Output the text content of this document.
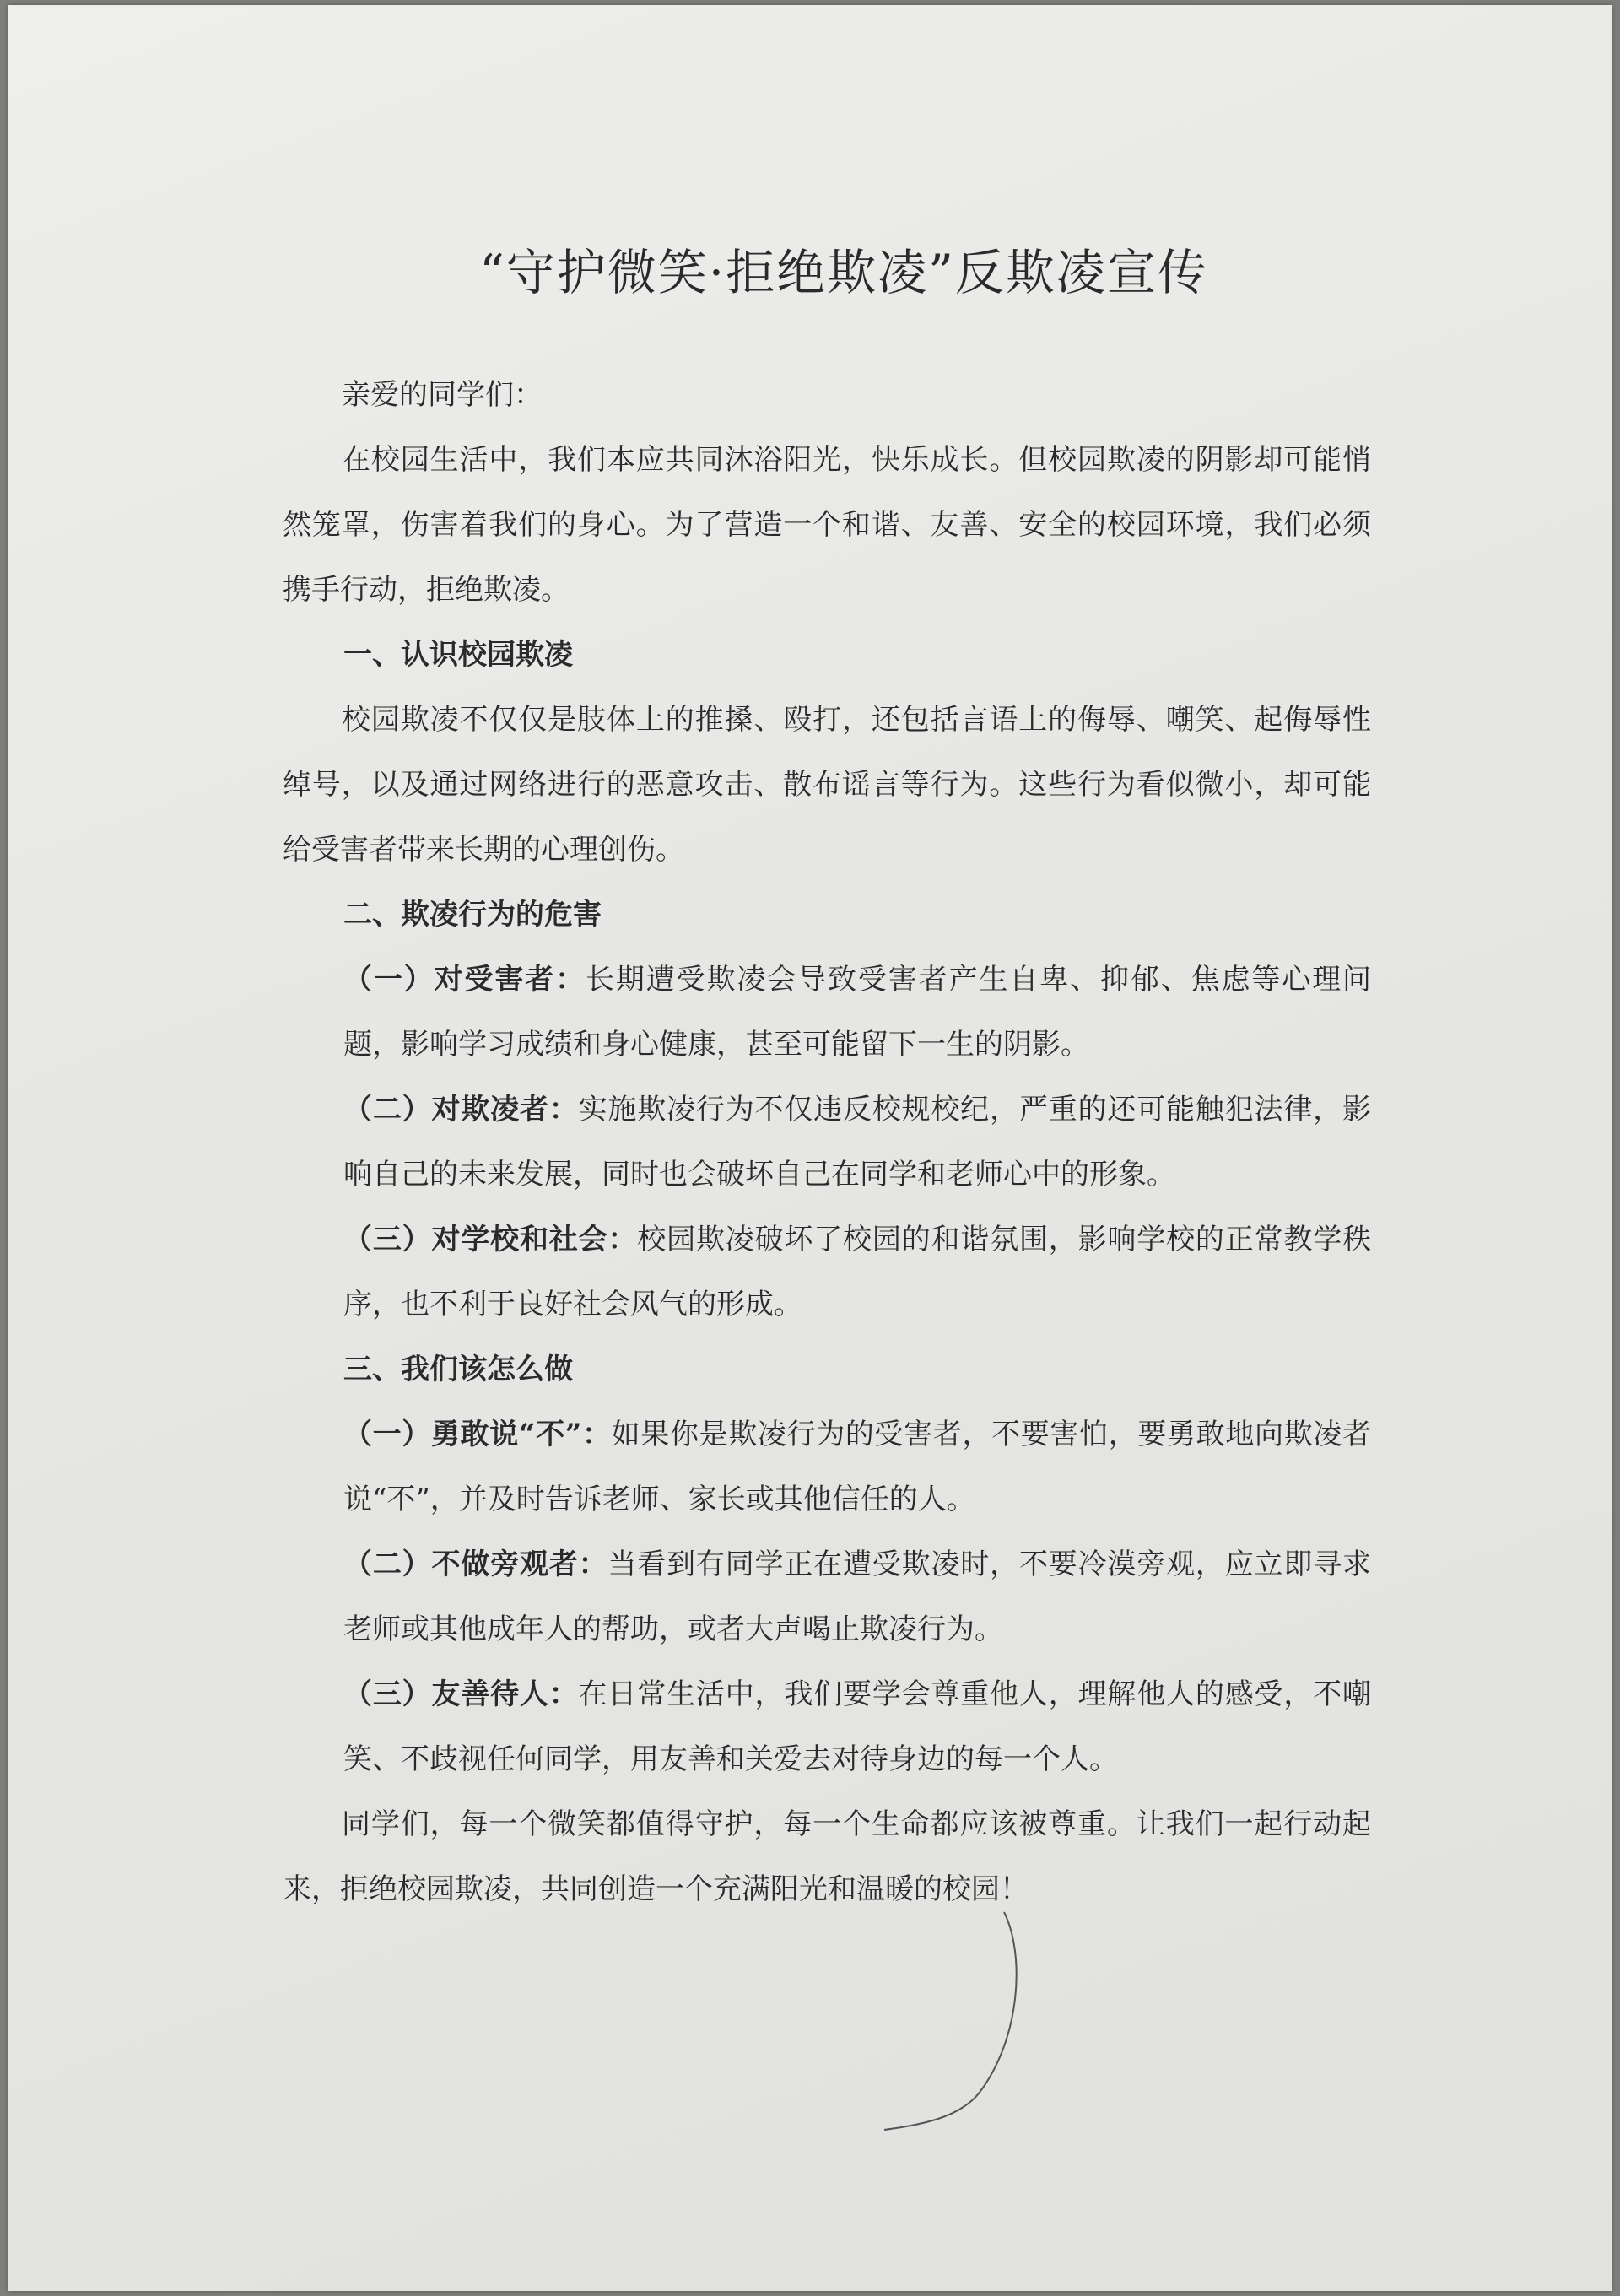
“守护微笑·拒绝欺凌”反欺凌宣传

亲爱的同学们：

在校园生活中，我们本应共同沐浴阳光，快乐成长。但校园欺凌的阴影却可能悄然笼罩，伤害着我们的身心。为了营造一个和谐、友善、安全的校园环境，我们必须携手行动，拒绝欺凌。

一、认识校园欺凌

校园欺凌不仅仅是肢体上的推搡、殴打，还包括言语上的侮辱、嘲笑、起侮辱性绰号，以及通过网络进行的恶意攻击、散布谣言等行为。这些行为看似微小，却可能给受害者带来长期的心理创伤。

二、欺凌行为的危害

（一）对受害者：长期遭受欺凌会导致受害者产生自卑、抑郁、焦虑等心理问题，影响学习成绩和身心健康，甚至可能留下一生的阴影。

（二）对欺凌者：实施欺凌行为不仅违反校规校纪，严重的还可能触犯法律，影响自己的未来发展，同时也会破坏自己在同学和老师心中的形象。

（三）对学校和社会：校园欺凌破坏了校园的和谐氛围，影响学校的正常教学秩序，也不利于良好社会风气的形成。

三、我们该怎么做

（一）勇敢说“不”：如果你是欺凌行为的受害者，不要害怕，要勇敢地向欺凌者说“不”，并及时告诉老师、家长或其他信任的人。

（二）不做旁观者：当看到有同学正在遭受欺凌时，不要冷漠旁观，应立即寻求老师或其他成年人的帮助，或者大声喝止欺凌行为。

（三）友善待人：在日常生活中，我们要学会尊重他人，理解他人的感受，不嘲笑、不歧视任何同学，用友善和关爱去对待身边的每一个人。

同学们，每一个微笑都值得守护，每一个生命都应该被尊重。让我们一起行动起来，拒绝校园欺凌，共同创造一个充满阳光和温暖的校园！
